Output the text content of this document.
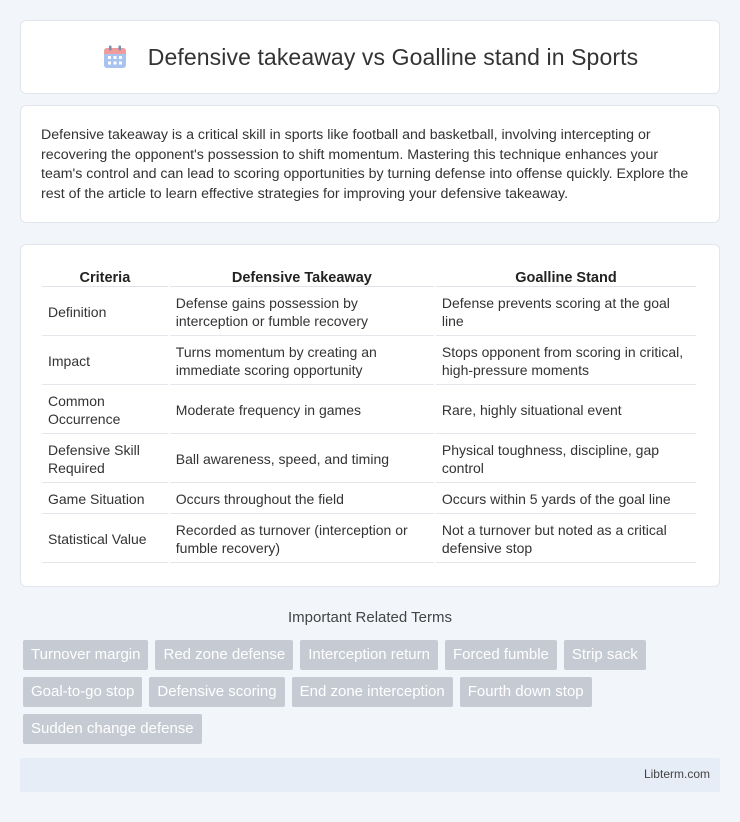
Defensive takeaway vs Goalline stand in Sports

Defensive takeaway is a critical skill in sports like football and basketball, involving intercepting or recovering the opponent's possession to shift momentum. Mastering this technique enhances your team's control and can lead to scoring opportunities by turning defense into offense quickly. Explore the rest of the article to learn effective strategies for improving your defensive takeaway.

Criteria	Defensive Takeaway	Goalline Stand
Definition	Defense gains possession by interception or fumble recovery	Defense prevents scoring at the goal line
Impact	Turns momentum by creating an immediate scoring opportunity	Stops opponent from scoring in critical, high-pressure moments
Common Occurrence	Moderate frequency in games	Rare, highly situational event
Defensive Skill Required	Ball awareness, speed, and timing	Physical toughness, discipline, gap control
Game Situation	Occurs throughout the field	Occurs within 5 yards of the goal line
Statistical Value	Recorded as turnover (interception or fumble recovery)	Not a turnover but noted as a critical defensive stop
Important Related Terms
Turnover margin	Red zone defense	Interception return	Forced fumble	Strip sack
Goal-to-go stop	Defensive scoring	End zone interception	Fourth down stop
Sudden change defense
Libterm.com
